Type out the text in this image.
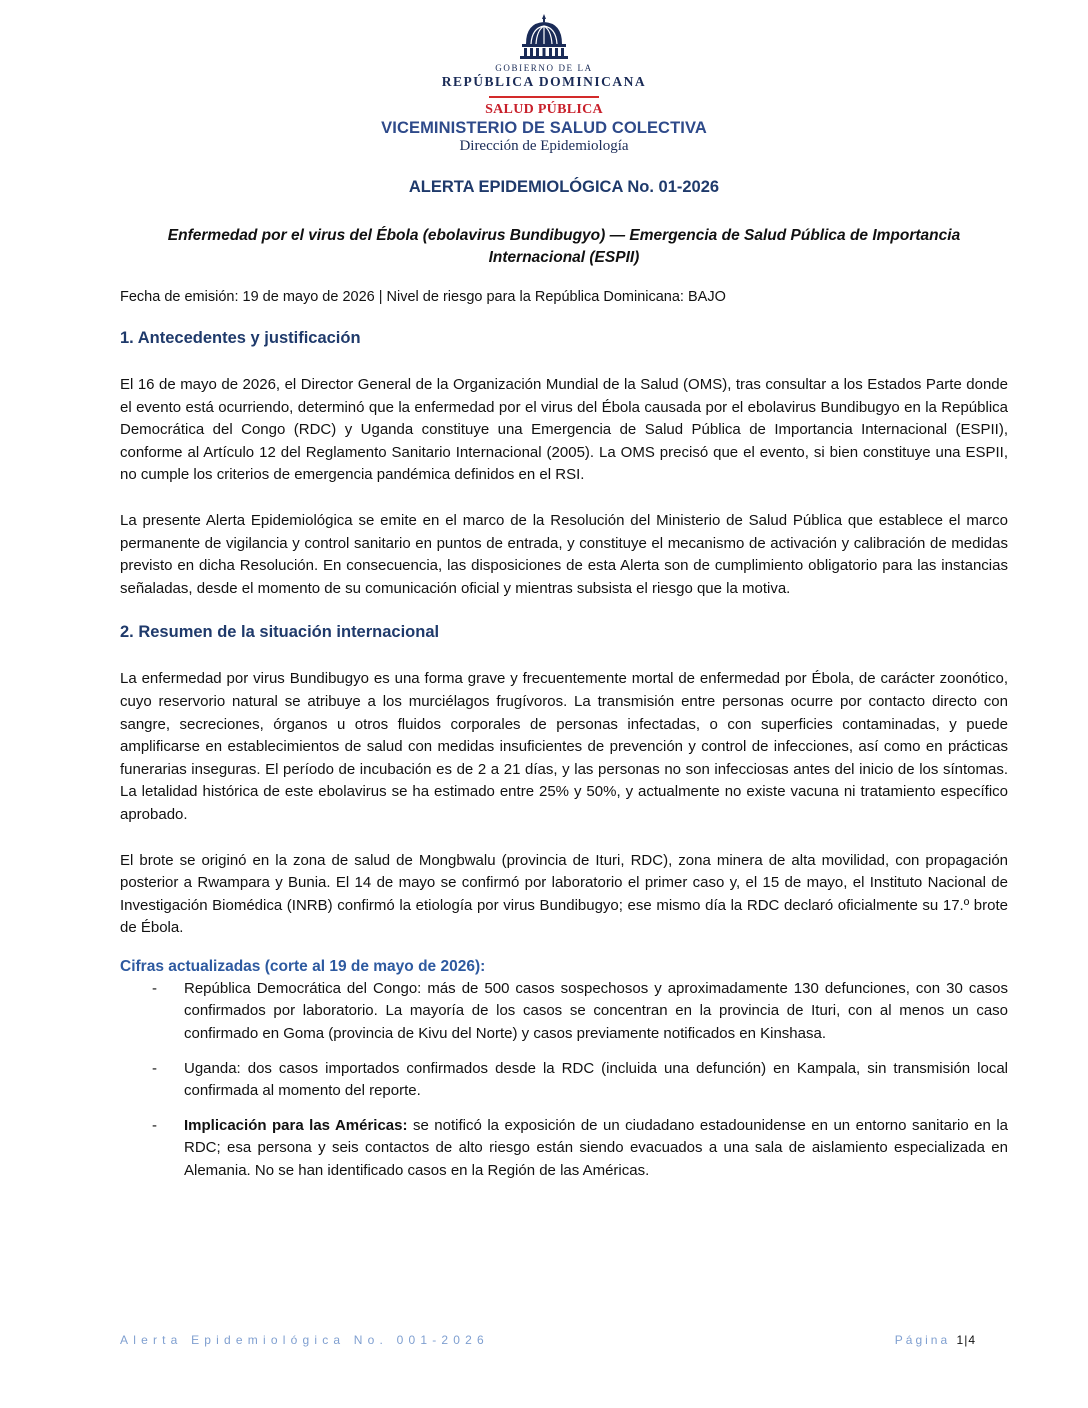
GOBIERNO DE LA
REPÚBLICA DOMINICANA
SALUD PÚBLICA
VICEMINISTERIO DE SALUD COLECTIVA
Dirección de Epidemiología
ALERTA EPIDEMIOLÓGICA No. 01-2026
Enfermedad por el virus del Ébola (ebolavirus Bundibugyo) — Emergencia de Salud Pública de Importancia Internacional (ESPII)
Fecha de emisión: 19 de mayo de 2026 | Nivel de riesgo para la República Dominicana: BAJO
1. Antecedentes y justificación

El 16 de mayo de 2026, el Director General de la Organización Mundial de la Salud (OMS), tras consultar a los Estados Parte donde el evento está ocurriendo, determinó que la enfermedad por el virus del Ébola causada por el ebolavirus Bundibugyo en la República Democrática del Congo (RDC) y Uganda constituye una Emergencia de Salud Pública de Importancia Internacional (ESPII), conforme al Artículo 12 del Reglamento Sanitario Internacional (2005). La OMS precisó que el evento, si bien constituye una ESPII, no cumple los criterios de emergencia pandémica definidos en el RSI.

La presente Alerta Epidemiológica se emite en el marco de la Resolución del Ministerio de Salud Pública que establece el marco permanente de vigilancia y control sanitario en puntos de entrada, y constituye el mecanismo de activación y calibración de medidas previsto en dicha Resolución. En consecuencia, las disposiciones de esta Alerta son de cumplimiento obligatorio para las instancias señaladas, desde el momento de su comunicación oficial y mientras subsista el riesgo que la motiva.

2. Resumen de la situación internacional

La enfermedad por virus Bundibugyo es una forma grave y frecuentemente mortal de enfermedad por Ébola, de carácter zoonótico, cuyo reservorio natural se atribuye a los murciélagos frugívoros. La transmisión entre personas ocurre por contacto directo con sangre, secreciones, órganos u otros fluidos corporales de personas infectadas, o con superficies contaminadas, y puede amplificarse en establecimientos de salud con medidas insuficientes de prevención y control de infecciones, así como en prácticas funerarias inseguras. El período de incubación es de 2 a 21 días, y las personas no son infecciosas antes del inicio de los síntomas. La letalidad histórica de este ebolavirus se ha estimado entre 25% y 50%, y actualmente no existe vacuna ni tratamiento específico aprobado.

El brote se originó en la zona de salud de Mongbwalu (provincia de Ituri, RDC), zona minera de alta movilidad, con propagación posterior a Rwampara y Bunia. El 14 de mayo se confirmó por laboratorio el primer caso y, el 15 de mayo, el Instituto Nacional de Investigación Biomédica (INRB) confirmó la etiología por virus Bundibugyo; ese mismo día la RDC declaró oficialmente su 17.º brote de Ébola.

Cifras actualizadas (corte al 19 de mayo de 2026):
- República Democrática del Congo: más de 500 casos sospechosos y aproximadamente 130 defunciones, con 30 casos confirmados por laboratorio. La mayoría de los casos se concentran en la provincia de Ituri, con al menos un caso confirmado en Goma (provincia de Kivu del Norte) y casos previamente notificados en Kinshasa.
- Uganda: dos casos importados confirmados desde la RDC (incluida una defunción) en Kampala, sin transmisión local confirmada al momento del reporte.
- Implicación para las Américas: se notificó la exposición de un ciudadano estadounidense en un entorno sanitario en la RDC; esa persona y seis contactos de alto riesgo están siendo evacuados a una sala de aislamiento especializada en Alemania. No se han identificado casos en la Región de las Américas.
Alerta Epidemiológica No. 001-2026	Página 1|4
